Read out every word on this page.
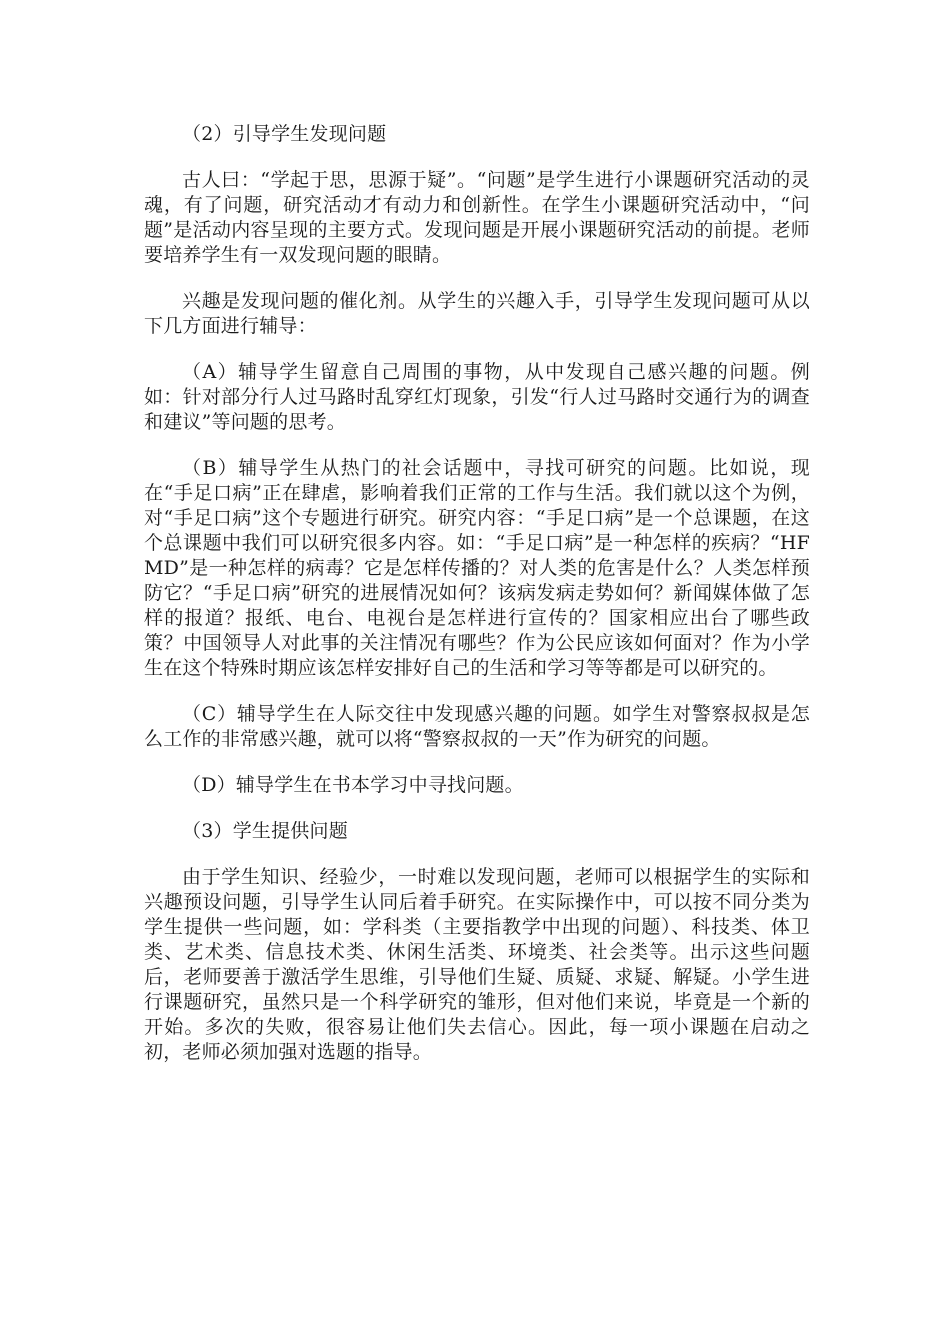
（2）引导学生发现问题

古人曰：“学起于思，思源于疑”。“问题”是学生进行小课题研究活动的灵魂，有了问题，研究活动才有动力和创新性。在学生小课题研究活动中，“问题”是活动内容呈现的主要方式。发现问题是开展小课题研究活动的前提。老师要培养学生有一双发现问题的眼睛。

兴趣是发现问题的催化剂。从学生的兴趣入手，引导学生发现问题可从以下几方面进行辅导：

（A）辅导学生留意自己周围的事物，从中发现自己感兴趣的问题。例如：针对部分行人过马路时乱穿红灯现象，引发“行人过马路时交通行为的调查和建议”等问题的思考。

（B）辅导学生从热门的社会话题中，寻找可研究的问题。比如说，现在“手足口病”正在肆虐，影响着我们正常的工作与生活。我们就以这个为例，对“手足口病”这个专题进行研究。研究内容：“手足口病”是一个总课题，在这个总课题中我们可以研究很多内容。如：“手足口病”是一种怎样的疾病？“HFMD”是一种怎样的病毒？它是怎样传播的？对人类的危害是什么？人类怎样预防它？“手足口病”研究的进展情况如何？该病发病走势如何？新闻媒体做了怎样的报道？报纸、电台、电视台是怎样进行宣传的？国家相应出台了哪些政策？中国领导人对此事的关注情况有哪些？作为公民应该如何面对？作为小学生在这个特殊时期应该怎样安排好自己的生活和学习等等都是可以研究的。

（C）辅导学生在人际交往中发现感兴趣的问题。如学生对警察叔叔是怎么工作的非常感兴趣，就可以将“警察叔叔的一天”作为研究的问题。

（D）辅导学生在书本学习中寻找问题。

（3）学生提供问题

由于学生知识、经验少，一时难以发现问题，老师可以根据学生的实际和兴趣预设问题，引导学生认同后着手研究。在实际操作中，可以按不同分类为学生提供一些问题，如：学科类（主要指教学中出现的问题）、科技类、体卫类、艺术类、信息技术类、休闲生活类、环境类、社会类等。出示这些问题后，老师要善于激活学生思维，引导他们生疑、质疑、求疑、解疑。小学生进行课题研究，虽然只是一个科学研究的雏形，但对他们来说，毕竟是一个新的开始。多次的失败，很容易让他们失去信心。因此，每一项小课题在启动之初，老师必须加强对选题的指导。
